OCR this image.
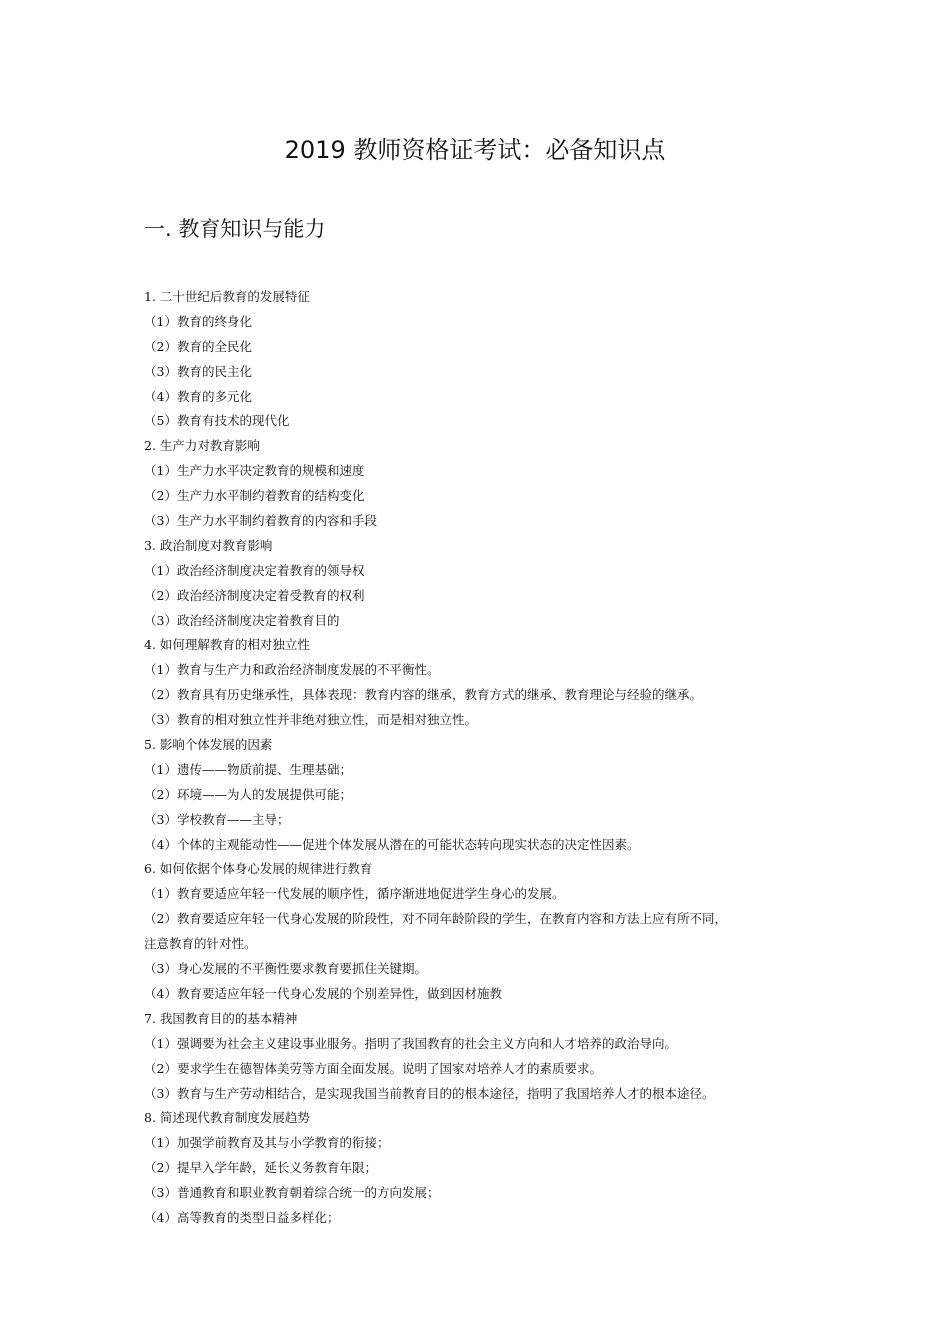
2019 教师资格证考试：必备知识点
一. 教育知识与能力
1. 二十世纪后教育的发展特征
（1）教育的终身化
（2）教育的全民化
（3）教育的民主化
（4）教育的多元化
（5）教育有技术的现代化
2. 生产力对教育影响
（1）生产力水平决定教育的规模和速度
（2）生产力水平制约着教育的结构变化
（3）生产力水平制约着教育的内容和手段
3. 政治制度对教育影响
（1）政治经济制度决定着教育的领导权
（2）政治经济制度决定着受教育的权利
（3）政治经济制度决定着教育目的
4. 如何理解教育的相对独立性
（1）教育与生产力和政治经济制度发展的不平衡性。
（2）教育具有历史继承性，具体表现：教育内容的继承，教育方式的继承、教育理论与经验的继承。
（3）教育的相对独立性并非绝对独立性，而是相对独立性。
5. 影响个体发展的因素
（1）遗传——物质前提、生理基础；
（2）环境——为人的发展提供可能；
（3）学校教育——主导；
（4）个体的主观能动性——促进个体发展从潜在的可能状态转向现实状态的决定性因素。
6. 如何依据个体身心发展的规律进行教育
（1）教育要适应年轻一代发展的顺序性，循序渐进地促进学生身心的发展。
（2）教育要适应年轻一代身心发展的阶段性，对不同年龄阶段的学生，在教育内容和方法上应有所不同，
注意教育的针对性。
（3）身心发展的不平衡性要求教育要抓住关键期。
（4）教育要适应年轻一代身心发展的个别差异性，做到因材施教
7. 我国教育目的的基本精神
（1）强调要为社会主义建设事业服务。指明了我国教育的社会主义方向和人才培养的政治导向。
（2）要求学生在德智体美劳等方面全面发展。说明了国家对培养人才的素质要求。
（3）教育与生产劳动相结合，是实现我国当前教育目的的根本途径，指明了我国培养人才的根本途径。
8. 简述现代教育制度发展趋势
（1）加强学前教育及其与小学教育的衔接；
（2）提早入学年龄，延长义务教育年限；
（3）普通教育和职业教育朝着综合统一的方向发展；
（4）高等教育的类型日益多样化；
